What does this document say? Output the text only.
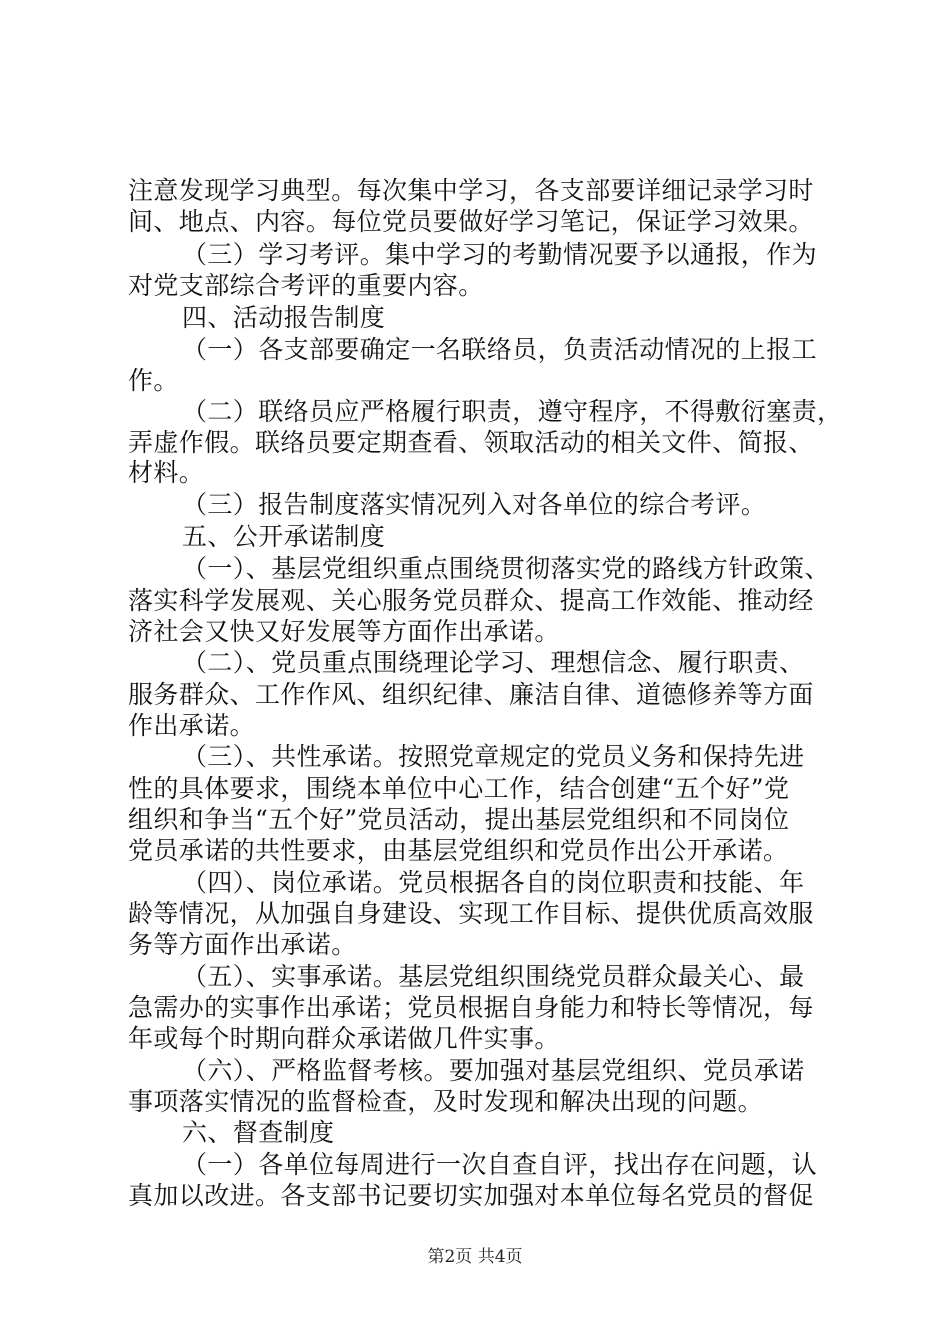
注意发现学习典型。每次集中学习，各支部要详细记录学习时
间、地点、内容。每位党员要做好学习笔记，保证学习效果。
（三）学习考评。集中学习的考勤情况要予以通报，作为
对党支部综合考评的重要内容。
四、活动报告制度
（一）各支部要确定一名联络员，负责活动情况的上报工
作。
（二）联络员应严格履行职责，遵守程序，不得敷衍塞责，
弄虚作假。联络员要定期查看、领取活动的相关文件、简报、
材料。
（三）报告制度落实情况列入对各单位的综合考评。
五、公开承诺制度
（一）、基层党组织重点围绕贯彻落实党的路线方针政策、
落实科学发展观、关心服务党员群众、提高工作效能、推动经
济社会又快又好发展等方面作出承诺。
（二）、党员重点围绕理论学习、理想信念、履行职责、
服务群众、工作作风、组织纪律、廉洁自律、道德修养等方面
作出承诺。
（三）、共性承诺。按照党章规定的党员义务和保持先进
性的具体要求，围绕本单位中心工作，结合创建“五个好”党
组织和争当“五个好”党员活动，提出基层党组织和不同岗位
党员承诺的共性要求，由基层党组织和党员作出公开承诺。
（四）、岗位承诺。党员根据各自的岗位职责和技能、年
龄等情况，从加强自身建设、实现工作目标、提供优质高效服
务等方面作出承诺。
（五）、实事承诺。基层党组织围绕党员群众最关心、最
急需办的实事作出承诺；党员根据自身能力和特长等情况，每
年或每个时期向群众承诺做几件实事。
（六）、严格监督考核。要加强对基层党组织、党员承诺
事项落实情况的监督检查，及时发现和解决出现的问题。
六、督查制度
（一）各单位每周进行一次自查自评，找出存在问题，认
真加以改进。各支部书记要切实加强对本单位每名党员的督促
第2页 共4页
